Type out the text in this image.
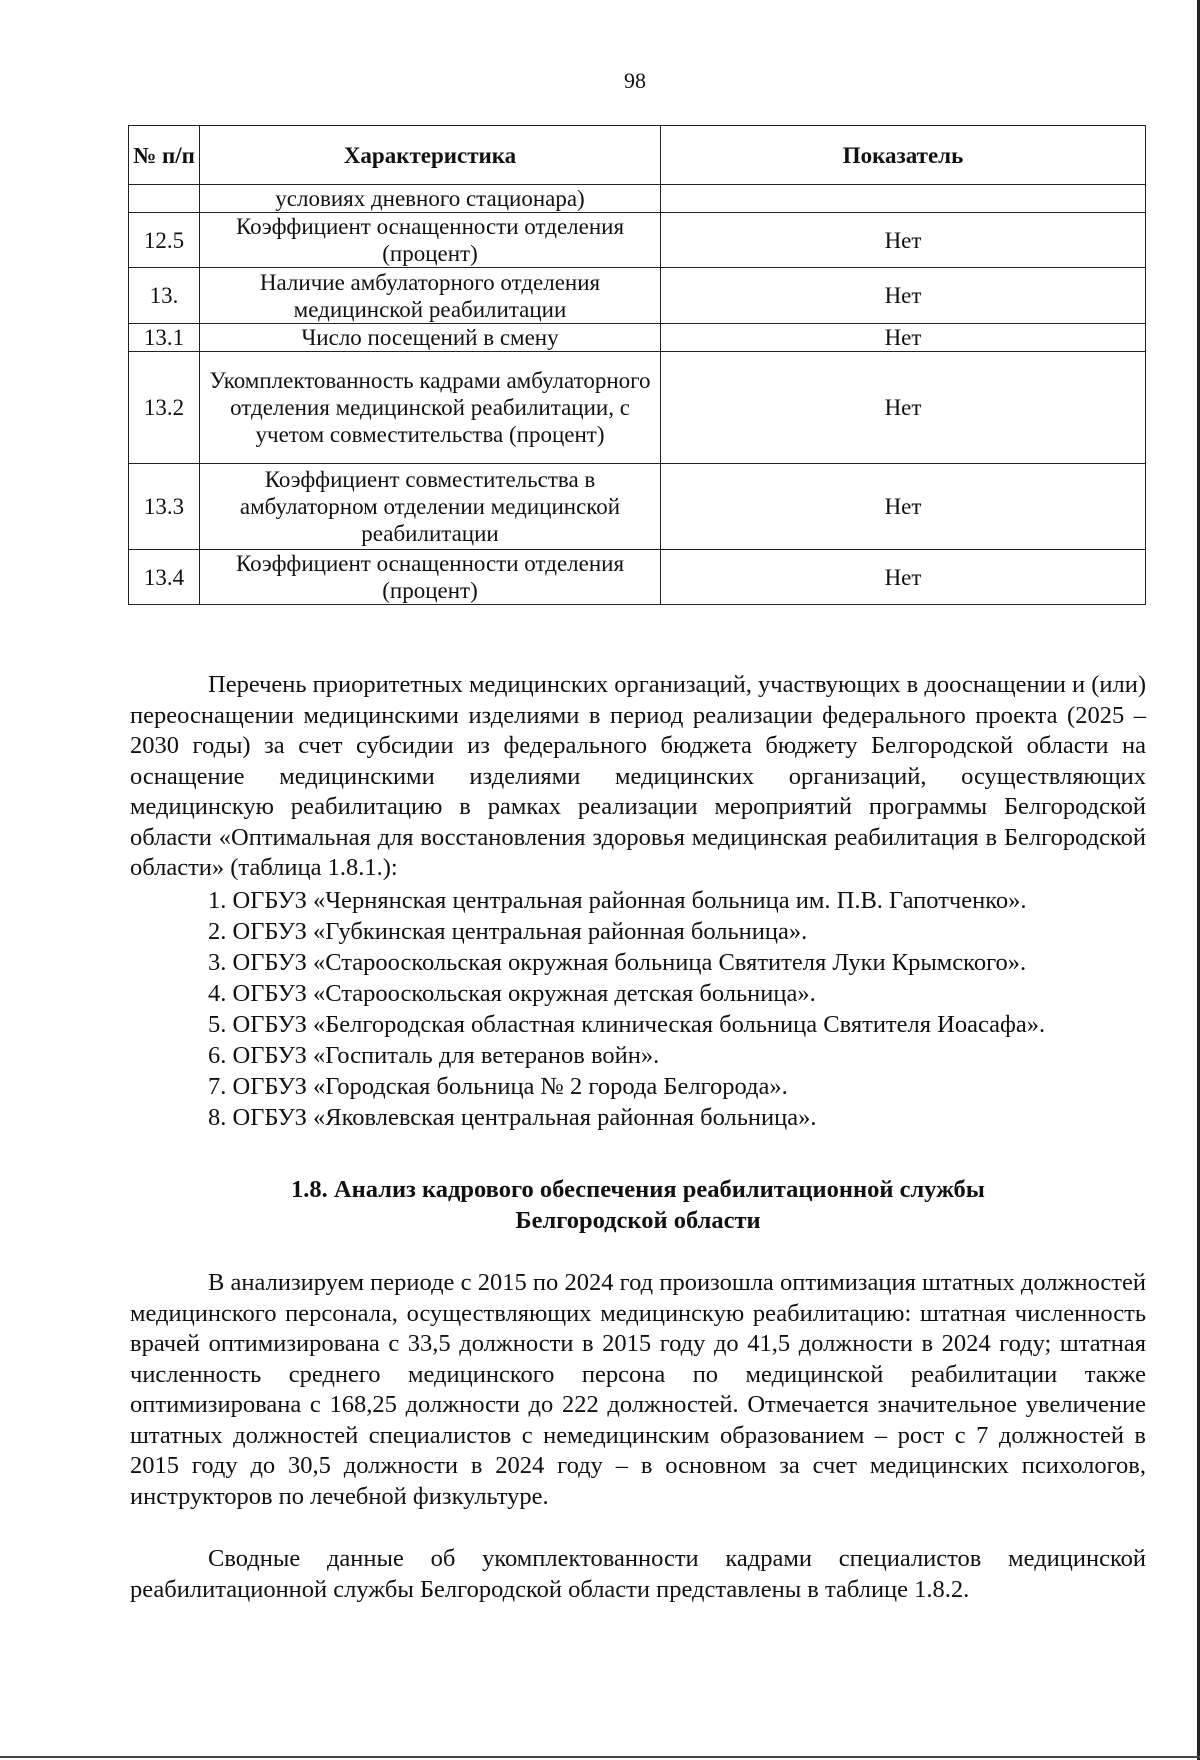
98
№ п/п	Характеристика	Показатель
	условиях дневного стационара)	
12.5	Коэффициент оснащенности отделения (процент)	Нет
13.	Наличие амбулаторного отделения медицинской реабилитации	Нет
13.1	Число посещений в смену	Нет
13.2	Укомплектованность кадрами амбулаторного отделения медицинской реабилитации, с учетом совместительства (процент)	Нет
13.3	Коэффициент совместительства в амбулаторном отделении медицинской реабилитации	Нет
13.4	Коэффициент оснащенности отделения (процент)	Нет

Перечень приоритетных медицинских организаций, участвующих в дооснащении и (или) переоснащении медицинскими изделиями в период реализации федерального проекта (2025 – 2030 годы) за счет субсидии из федерального бюджета бюджету Белгородской области на оснащение медицинскими изделиями медицинских организаций, осуществляющих медицинскую реабилитацию в рамках реализации мероприятий программы Белгородской области «Оптимальная для восстановления здоровья медицинская реабилитация в Белгородской области» (таблица 1.8.1.):

1. ОГБУЗ «Чернянская центральная районная больница им. П.В. Гапотченко».
2. ОГБУЗ «Губкинская центральная районная больница».
3. ОГБУЗ «Старооскольская окружная больница Святителя Луки Крымского».
4. ОГБУЗ «Старооскольская окружная детская больница».
5. ОГБУЗ «Белгородская областная клиническая больница Святителя Иоасафа».
6. ОГБУЗ «Госпиталь для ветеранов войн».
7. ОГБУЗ «Городская больница № 2 города Белгорода».
8. ОГБУЗ «Яковлевская центральная районная больница».
1.8. Анализ кадрового обеспечения реабилитационной службы
Белгородской области

В анализируем периоде с 2015 по 2024 год произошла оптимизация штатных должностей медицинского персонала, осуществляющих медицинскую реабилитацию: штатная численность врачей оптимизирована с 33,5 должности в 2015 году до 41,5 должности в 2024 году; штатная численность среднего медицинского персона по медицинской реабилитации также оптимизирована с 168,25 должности до 222 должностей. Отмечается значительное увеличение штатных должностей специалистов с немедицинским образованием – рост с 7 должностей в 2015 году до 30,5 должности в 2024 году – в основном за счет медицинских психологов, инструкторов по лечебной физкультуре.

Сводные данные об укомплектованности кадрами специалистов медицинской реабилитационной службы Белгородской области представлены в таблице 1.8.2.
